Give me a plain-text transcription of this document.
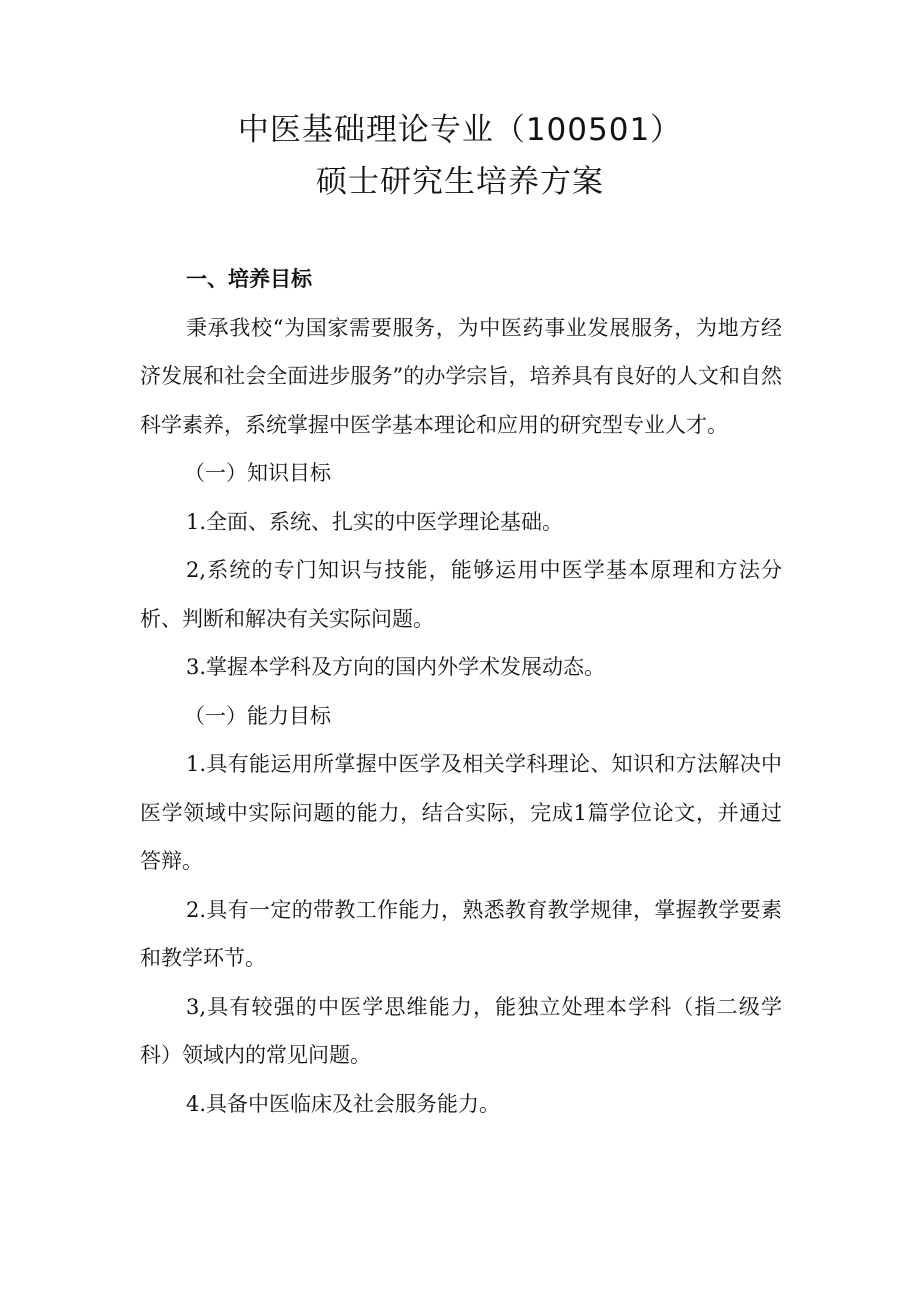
中医基础理论专业（100501）
硕士研究生培养方案

一、培养目标

秉承我校“为国家需要服务，为中医药事业发展服务，为地方经济发展和社会全面进步服务”的办学宗旨，培养具有良好的人文和自然科学素养，系统掌握中医学基本理论和应用的研究型专业人才。

（一）知识目标

1.全面、系统、扎实的中医学理论基础。

2,系统的专门知识与技能，能够运用中医学基本原理和方法分析、判断和解决有关实际问题。

3.掌握本学科及方向的国内外学术发展动态。

（一）能力目标

1.具有能运用所掌握中医学及相关学科理论、知识和方法解决中医学领域中实际问题的能力，结合实际，完成1篇学位论文，并通过答辩。

2.具有一定的带教工作能力，熟悉教育教学规律，掌握教学要素和教学环节。

3,具有较强的中医学思维能力，能独立处理本学科（指二级学科）领域内的常见问题。

4.具备中医临床及社会服务能力。
